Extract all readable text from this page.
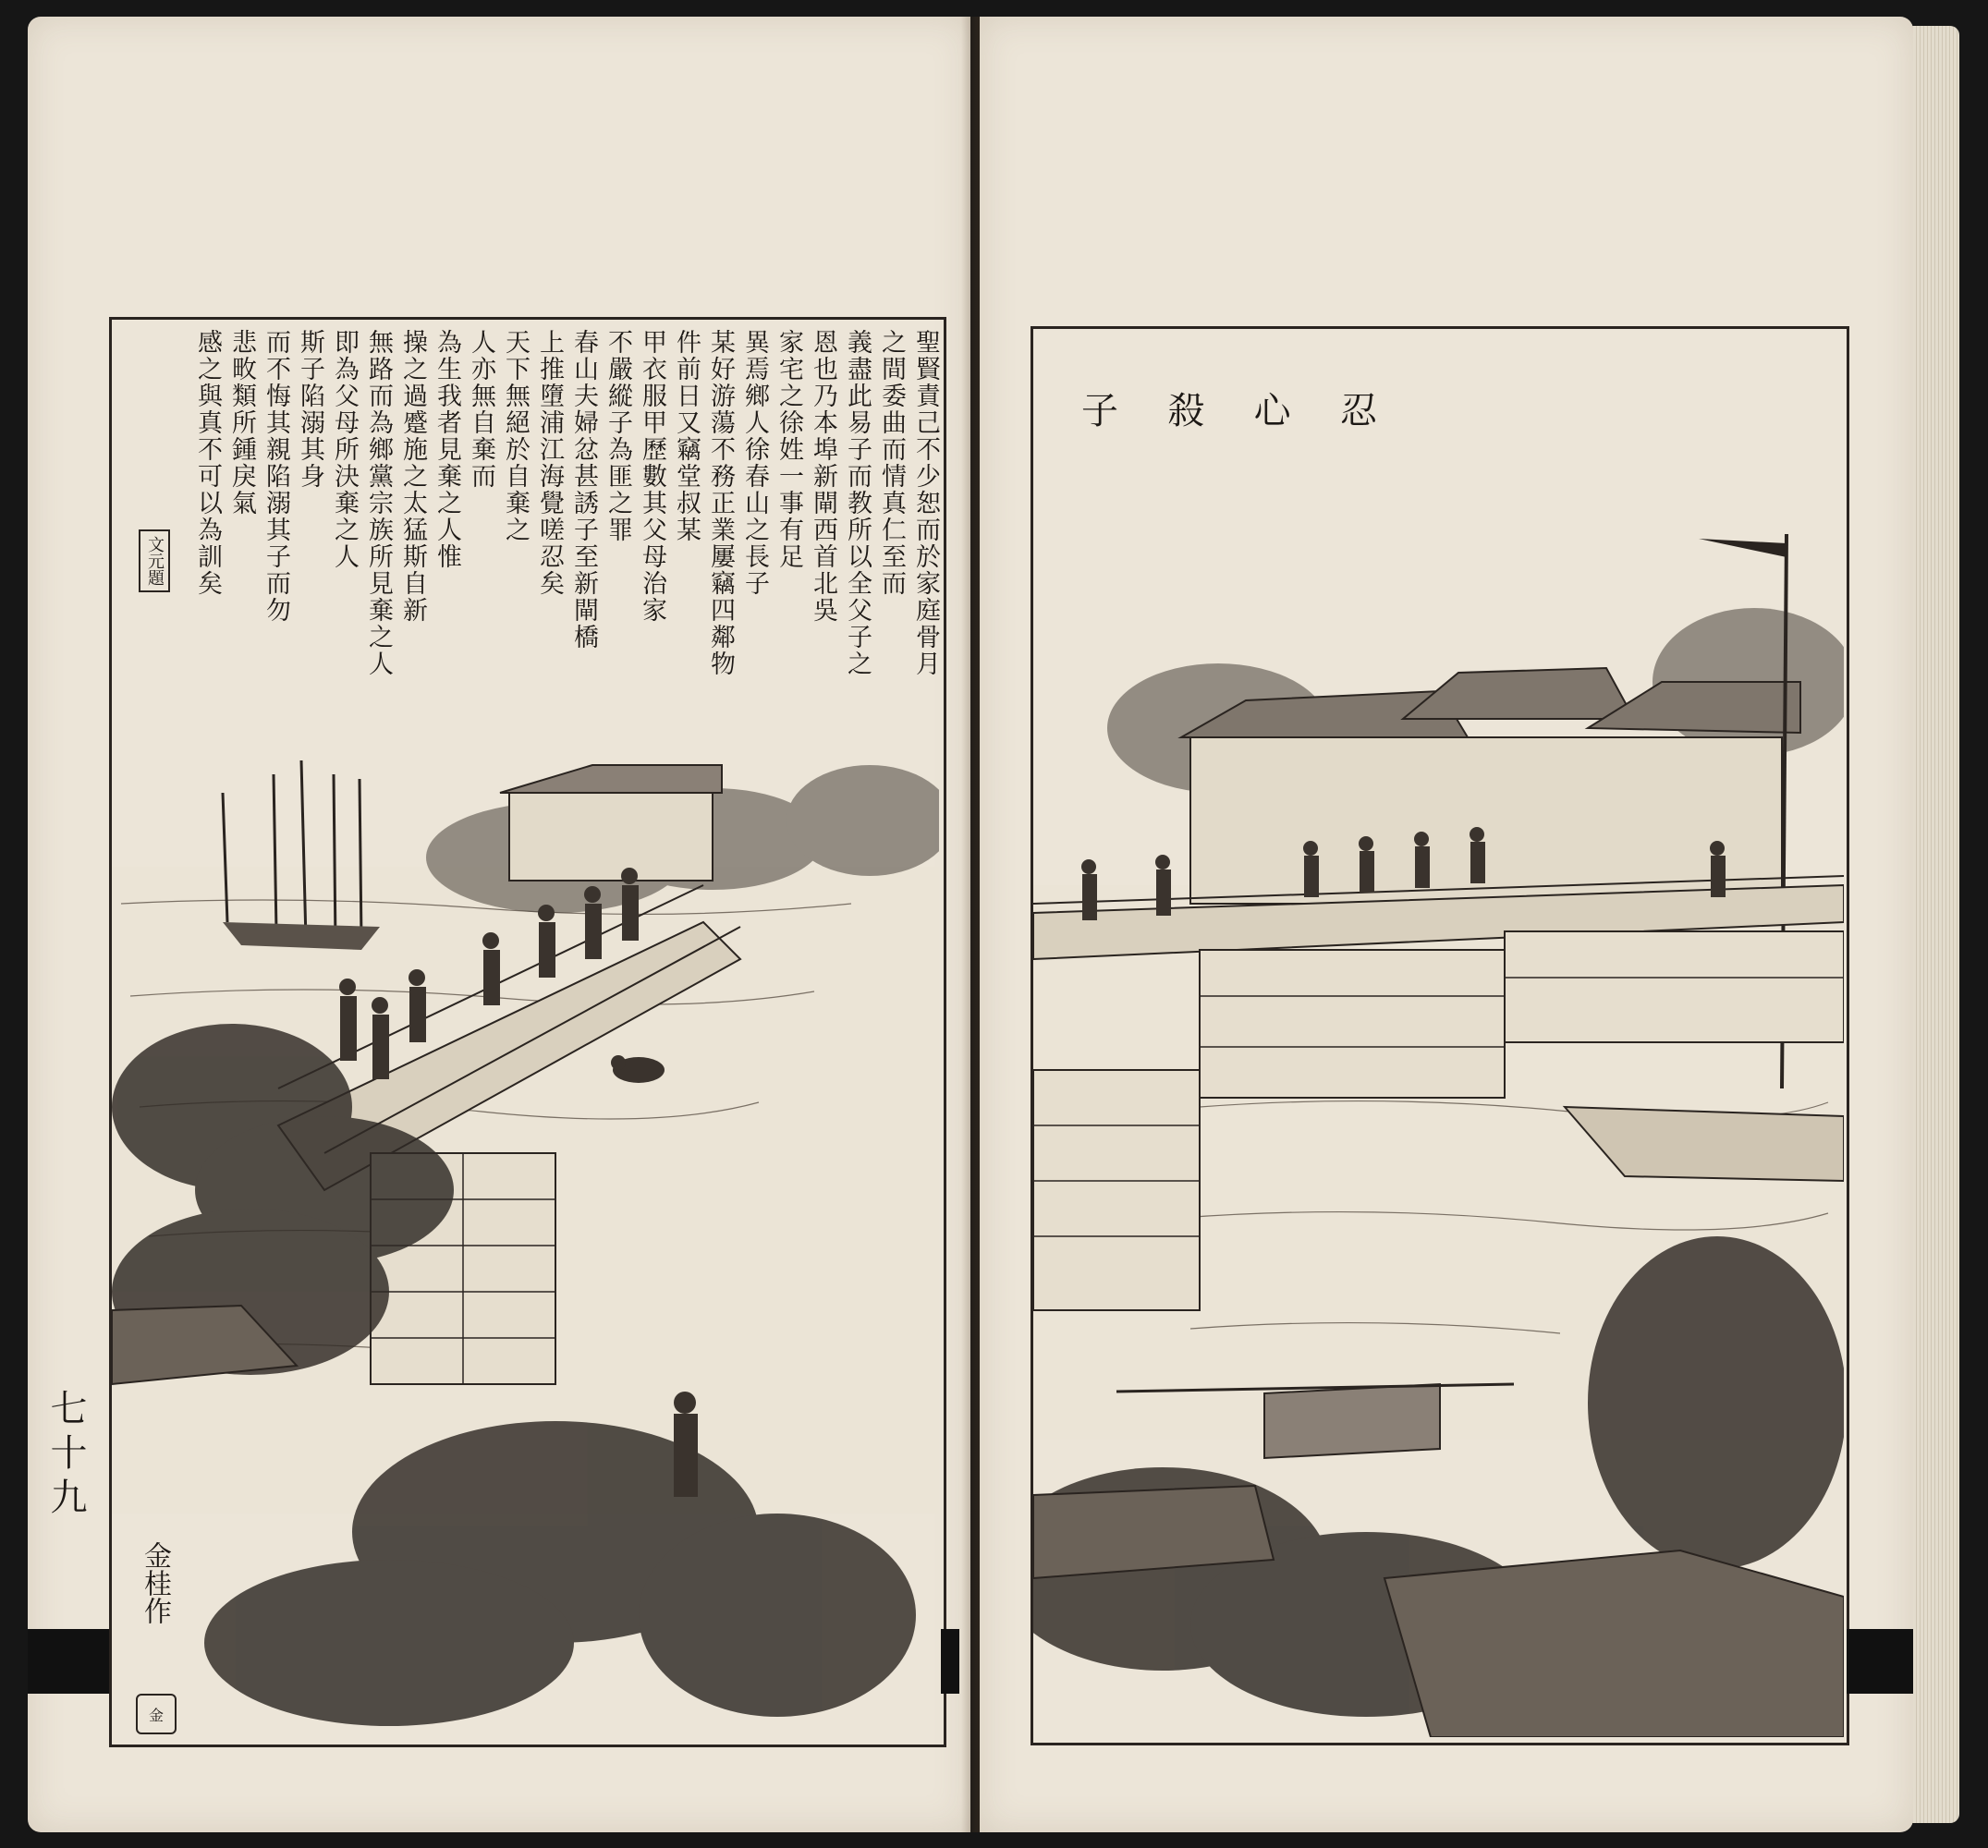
聖賢責己不少恕而於家庭骨月
之間委曲而情真仁至而
義盡此易子而教所以全父子之
恩也乃本埠新閘西首北吳
家宅之徐姓一事有足
異焉鄉人徐春山之長子
某好游蕩不務正業屢竊四鄰物
件前日又竊堂叔某
甲衣服甲歷數其父母治家
不嚴縱子為匪之罪
春山夫婦忿甚誘子至新閘橋
上推墮浦江海覺嗟忍矣
天下無絕於自棄之
人亦無自棄而
為生我者見棄之人惟
操之過蹙施之太猛斯自新
無路而為鄉黨宗族所見棄之人
即為父母所決棄之人
斯子陷溺其身
而不悔其親陷溺其子而勿
悲畋類所鍾戾氣
感之與真不可以為訓矣
文元題
七十九
金桂作
金
子 殺 心 忍
